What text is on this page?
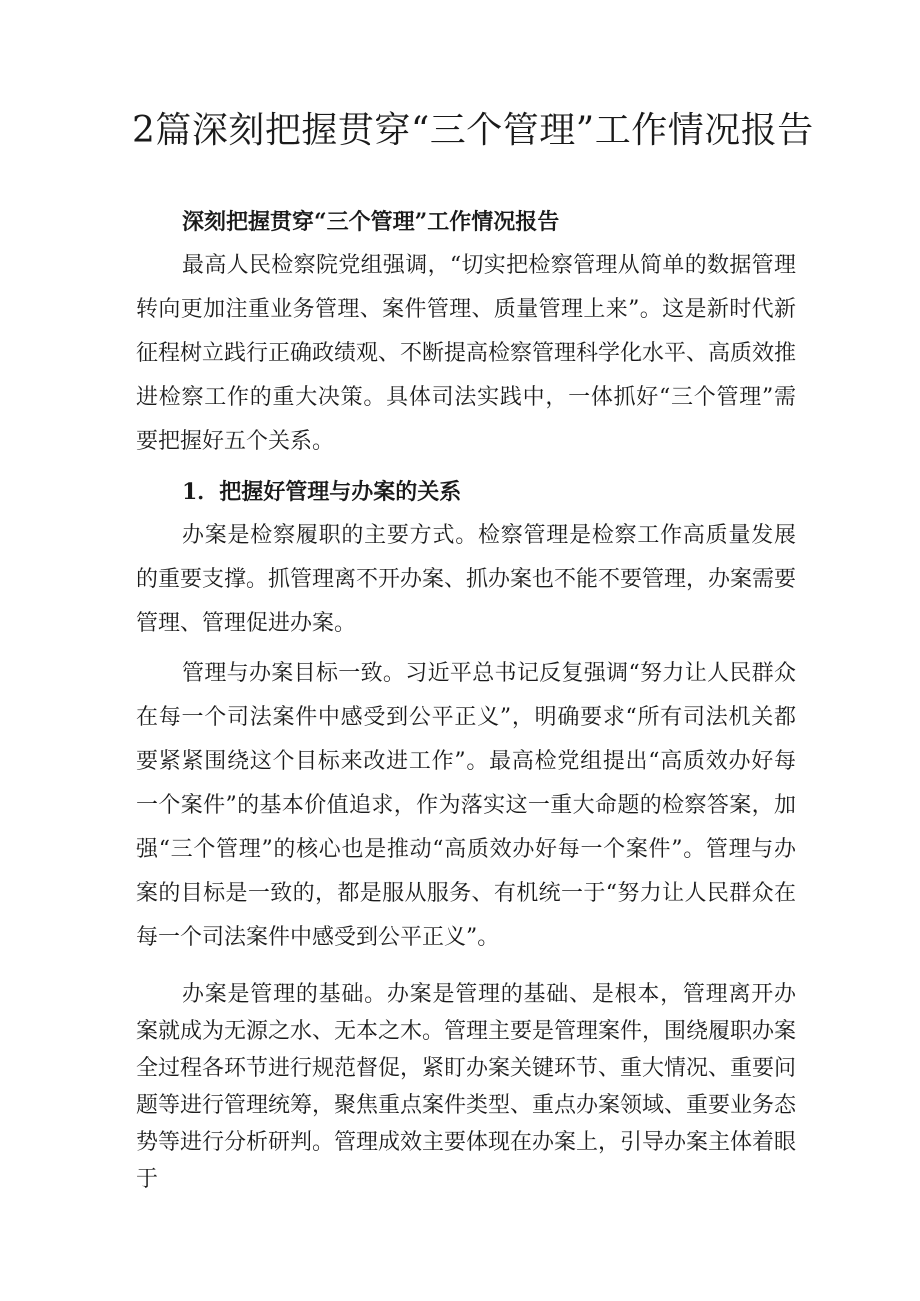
2篇深刻把握贯穿“三个管理”工作情况报告

深刻把握贯穿“三个管理”工作情况报告

最高人民检察院党组强调，“切实把检察管理从简单的数据管理转向更加注重业务管理、案件管理、质量管理上来”。这是新时代新征程树立践行正确政绩观、不断提高检察管理科学化水平、高质效推进检察工作的重大决策。具体司法实践中，一体抓好“三个管理”需要把握好五个关系。

1．把握好管理与办案的关系

办案是检察履职的主要方式。检察管理是检察工作高质量发展的重要支撑。抓管理离不开办案、抓办案也不能不要管理，办案需要管理、管理促进办案。

管理与办案目标一致。习近平总书记反复强调“努力让人民群众在每一个司法案件中感受到公平正义”，明确要求“所有司法机关都要紧紧围绕这个目标来改进工作”。最高检党组提出“高质效办好每一个案件”的基本价值追求，作为落实这一重大命题的检察答案，加强“三个管理”的核心也是推动“高质效办好每一个案件”。管理与办案的目标是一致的，都是服从服务、有机统一于“努力让人民群众在每一个司法案件中感受到公平正义”。

办案是管理的基础。办案是管理的基础、是根本，管理离开办案就成为无源之水、无本之木。管理主要是管理案件，围绕履职办案全过程各环节进行规范督促，紧盯办案关键环节、重大情况、重要问题等进行管理统筹，聚焦重点案件类型、重点办案领域、重要业务态势等进行分析研判。管理成效主要体现在办案上，引导办案主体着眼于
